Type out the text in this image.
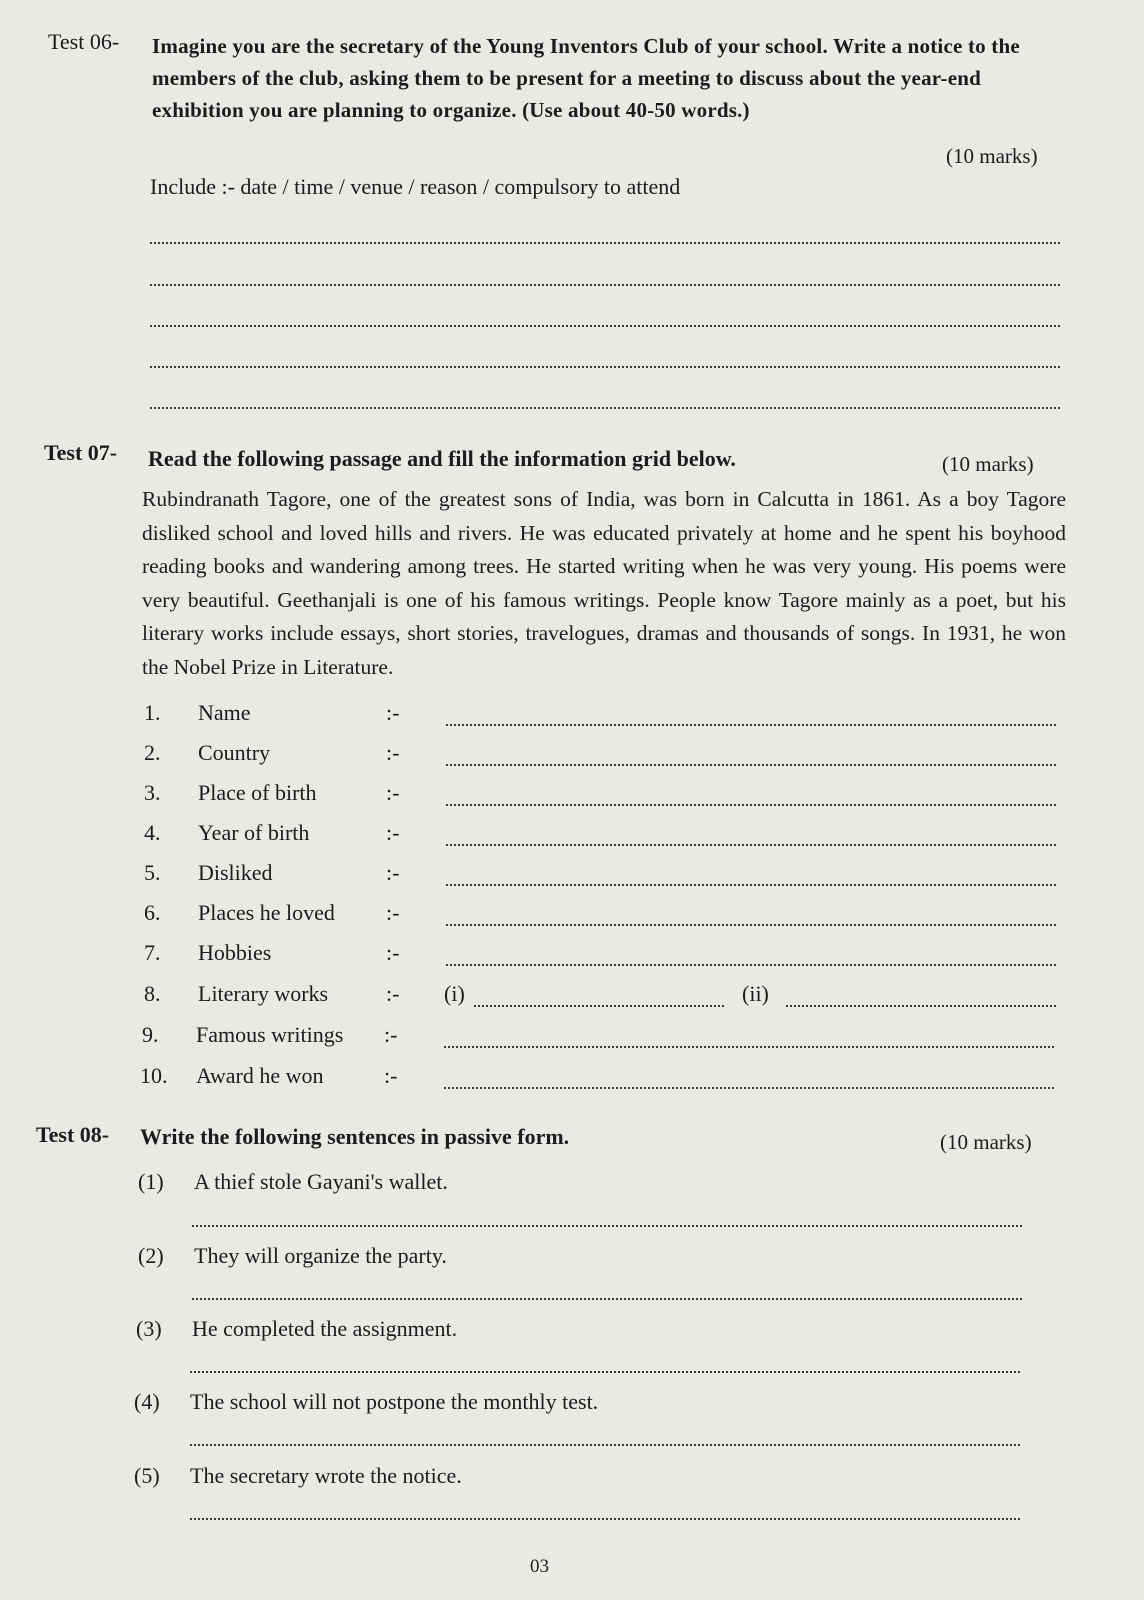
Test 06- Imagine you are the secretary of the Young Inventors Club of your school. Write a notice to the members of the club, asking them to be present for a meeting to discuss about the year-end exhibition you are planning to organize. (Use about 40-50 words.)
(10 marks)
Include :- date / time / venue / reason / compulsory to attend
Test 07- Read the following passage and fill the information grid below.	(10 marks)
Rubindranath Tagore, one of the greatest sons of India, was born in Calcutta in 1861. As a boy Tagore disliked school and loved hills and rivers. He was educated privately at home and he spent his boyhood reading books and wandering among trees. He started writing when he was very young. His poems were very beautiful. Geethanjali is one of his famous writings. People know Tagore mainly as a poet, but his literary works include essays, short stories, travelogues, dramas and thousands of songs. In 1931, he won the Nobel Prize in Literature.
1. Name	:-
2. Country	:-
3. Place of birth	:-
4. Year of birth	:-
5. Disliked	:-
6. Places he loved :-
7. Hobbies	:-
8. Literary works	:- (i)	(ii)
9. Famous writings :-
10. Award he won	:-
Test 08- Write the following sentences in passive form.	(10 marks)
(1) A thief stole Gayani's wallet.
(2) They will organize the party.
(3) He completed the assignment.
(4) The school will not postpone the monthly test.
(5) The secretary wrote the notice.
03
